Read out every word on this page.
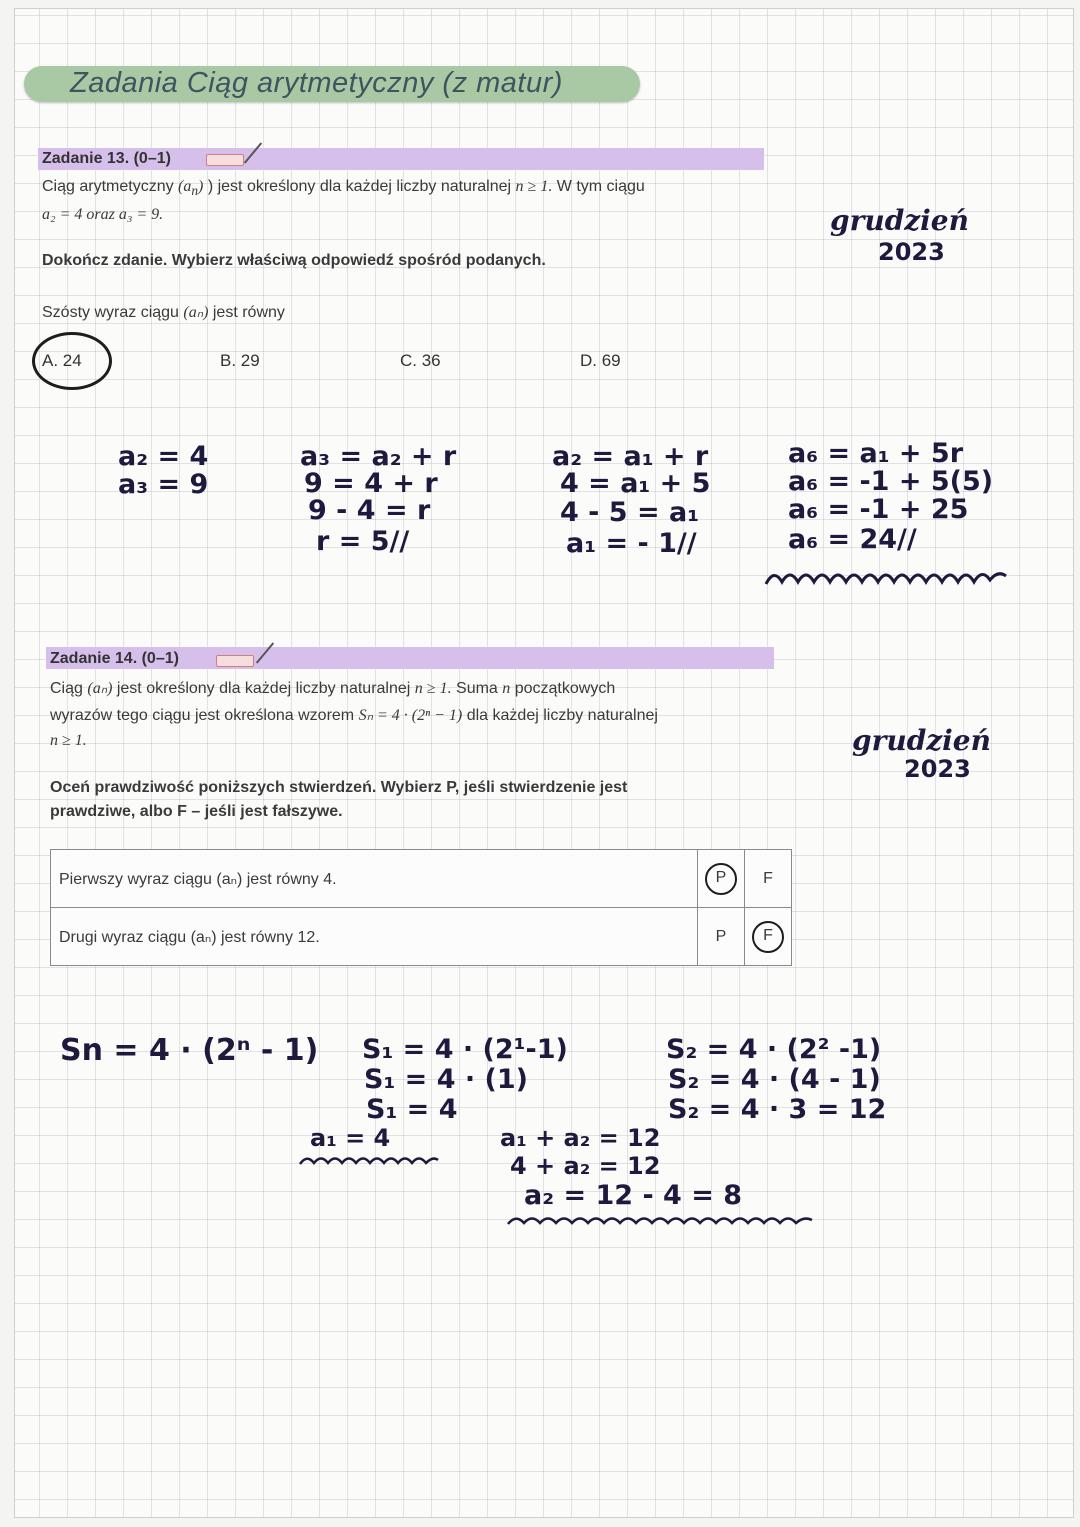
Zadania Ciąg arytmetyczny (z matur)
Zadanie 13. (0–1)
Ciąg arytmetyczny $(a_n)$ ) jest określony dla każdej liczby naturalnej n ≥ 1. W tym ciągu
a₂ = 4 oraz a₃ = 9.
Dokończ zdanie. Wybierz właściwą odpowiedź spośród podanych.
Szósty wyraz ciągu (aₙ) jest równy
A. 24	B. 29	C. 36	D. 69
grudzień
2023
a₂ = 4
a₃ = 9
a₃ = a₂ + r
9 = 4 + r
9 - 4 = r
r = 5//
a₂ = a₁ + r
4 = a₁ + 5
4 - 5 = a₁
a₁ = - 1//
a₆ = a₁ + 5r
a₆ = -1 + 5(5)
a₆ = -1 + 25
a₆ = 24//
Zadanie 14. (0–1)
Ciąg (aₙ) jest określony dla każdej liczby naturalnej n ≥ 1. Suma n początkowych
wyrazów tego ciągu jest określona wzorem Sₙ = 4 · (2ⁿ − 1) dla każdej liczby naturalnej
n ≥ 1.
Oceń prawdziwość poniższych stwierdzeń. Wybierz P, jeśli stwierdzenie jest
prawdziwe, albo F – jeśli jest fałszywe.
grudzień
2023
Pierwszy wyraz ciągu (aₙ) jest równy 4.	P	F
Drugi wyraz ciągu (aₙ) jest równy 12.	P	F
Sn = 4 · (2ⁿ - 1) S₁ = 4 · (2¹-1)
S₁ = 4 · (1)
S₁ = 4
a₁ = 4
S₂ = 4 · (2² -1)
S₂ = 4 · (4 - 1)
S₂ = 4 · 3 = 12
a₁ + a₂ = 12
4 + a₂ = 12
a₂ = 12 - 4 = 8
